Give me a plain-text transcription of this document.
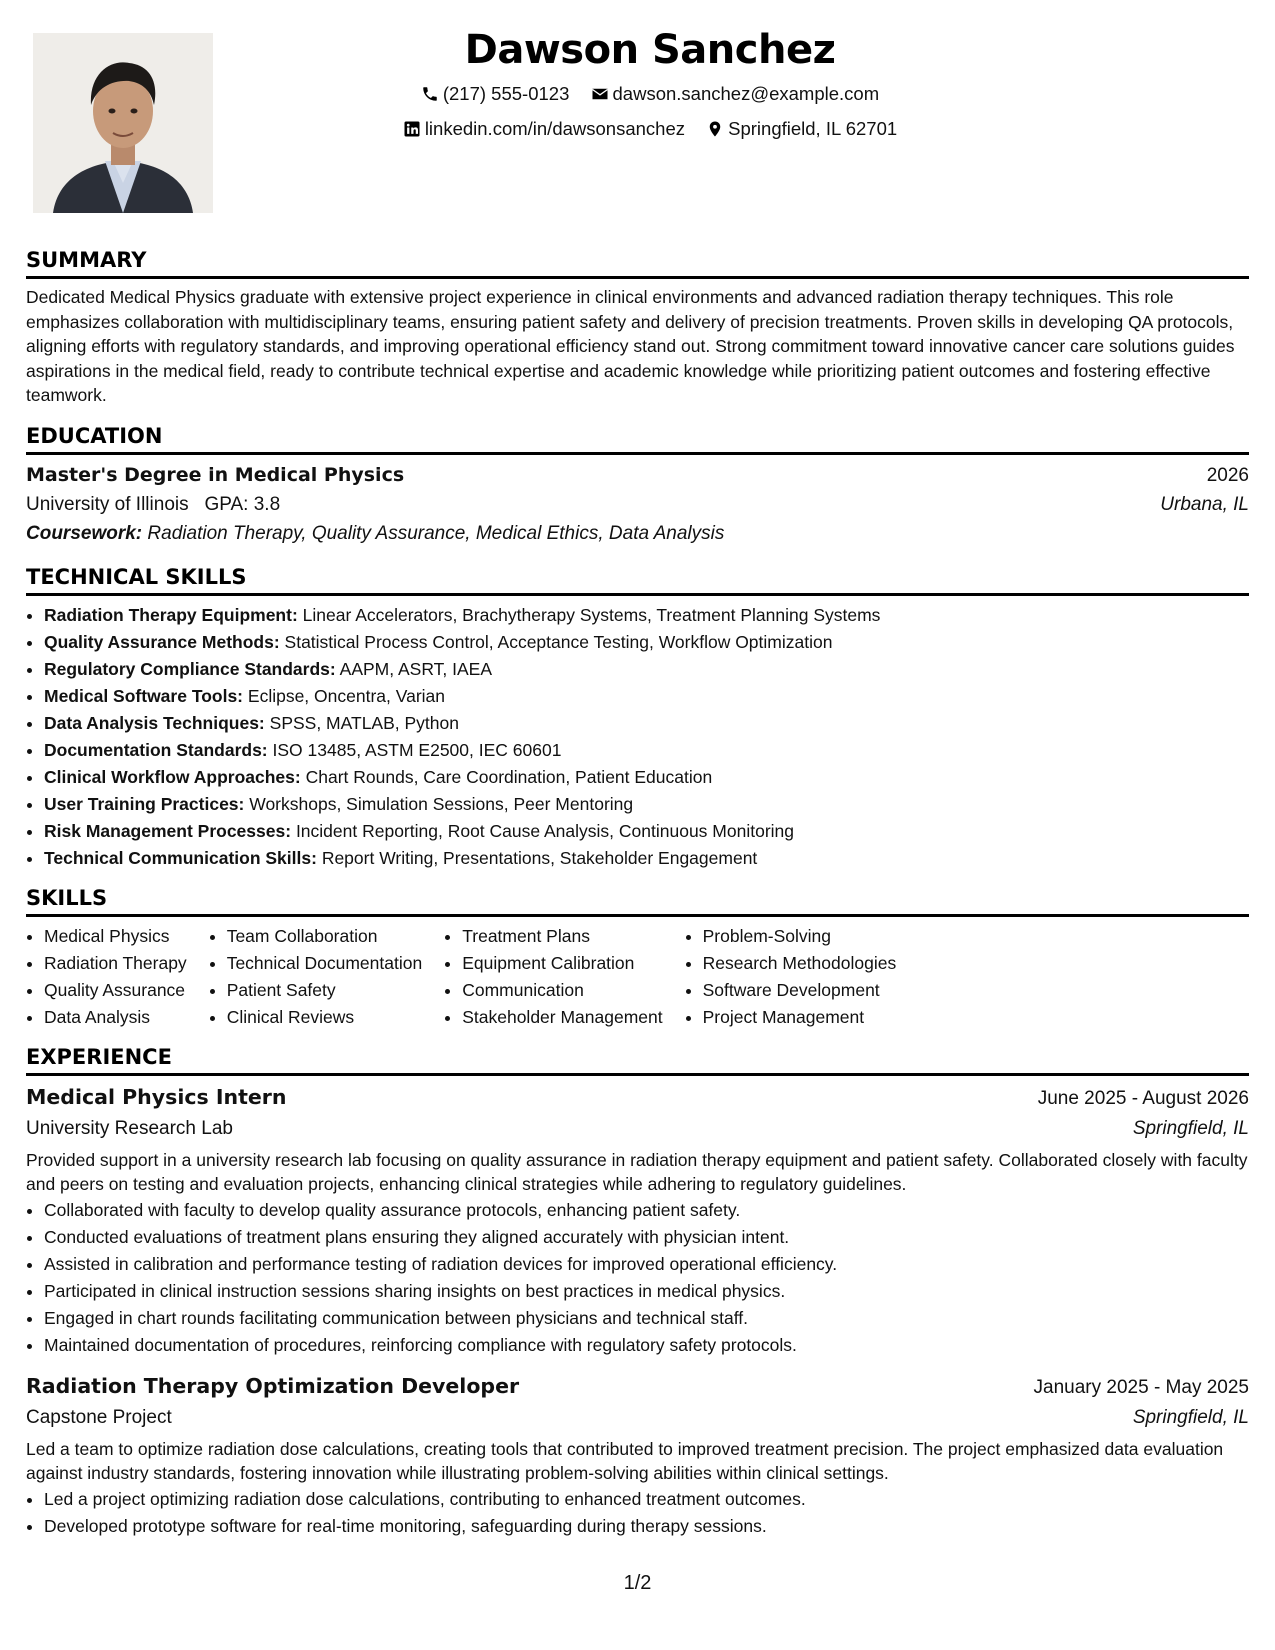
Dawson Sanchez
(217) 555-0123
dawson.sanchez@example.com
linkedin.com/in/dawsonsanchez
Springfield, IL 62701
SUMMARY

Dedicated Medical Physics graduate with extensive project experience in clinical environments and advanced radiation therapy techniques. This role emphasizes collaboration with multidisciplinary teams, ensuring patient safety and delivery of precision treatments. Proven skills in developing QA protocols, aligning efforts with regulatory standards, and improving operational efficiency stand out. Strong commitment toward innovative cancer care solutions guides aspirations in the medical field, ready to contribute technical expertise and academic knowledge while prioritizing patient outcomes and fostering effective teamwork.

EDUCATION
Master's Degree in Medical Physics	2026
University of Illinois GPA: 3.8	Urbana, IL
Coursework: Radiation Therapy, Quality Assurance, Medical Ethics, Data Analysis
TECHNICAL SKILLS
• Radiation Therapy Equipment: Linear Accelerators, Brachytherapy Systems, Treatment Planning Systems
• Quality Assurance Methods: Statistical Process Control, Acceptance Testing, Workflow Optimization
• Regulatory Compliance Standards: AAPM, ASRT, IAEA
• Medical Software Tools: Eclipse, Oncentra, Varian
• Data Analysis Techniques: SPSS, MATLAB, Python
• Documentation Standards: ISO 13485, ASTM E2500, IEC 60601
• Clinical Workflow Approaches: Chart Rounds, Care Coordination, Patient Education
• User Training Practices: Workshops, Simulation Sessions, Peer Mentoring
• Risk Management Processes: Incident Reporting, Root Cause Analysis, Continuous Monitoring
• Technical Communication Skills: Report Writing, Presentations, Stakeholder Engagement
SKILLS
• Medical Physics
• Radiation Therapy
• Quality Assurance
• Data Analysis
• Team Collaboration
• Technical Documentation
• Patient Safety
• Clinical Reviews
• Treatment Plans
• Equipment Calibration
• Communication
• Stakeholder Management
• Problem-Solving
• Research Methodologies
• Software Development
• Project Management
EXPERIENCE
Medical Physics Intern	June 2025 - August 2026
University Research Lab	Springfield, IL

Provided support in a university research lab focusing on quality assurance in radiation therapy equipment and patient safety. Collaborated closely with faculty and peers on testing and evaluation projects, enhancing clinical strategies while adhering to regulatory guidelines.

• Collaborated with faculty to develop quality assurance protocols, enhancing patient safety.
• Conducted evaluations of treatment plans ensuring they aligned accurately with physician intent.
• Assisted in calibration and performance testing of radiation devices for improved operational efficiency.
• Participated in clinical instruction sessions sharing insights on best practices in medical physics.
• Engaged in chart rounds facilitating communication between physicians and technical staff.
• Maintained documentation of procedures, reinforcing compliance with regulatory safety protocols.
Radiation Therapy Optimization Developer	January 2025 - May 2025
Capstone Project	Springfield, IL

Led a team to optimize radiation dose calculations, creating tools that contributed to improved treatment precision. The project emphasized data evaluation against industry standards, fostering innovation while illustrating problem-solving abilities within clinical settings.

• Led a project optimizing radiation dose calculations, contributing to enhanced treatment outcomes.
• Developed prototype software for real-time monitoring, safeguarding during therapy sessions.
1/2
